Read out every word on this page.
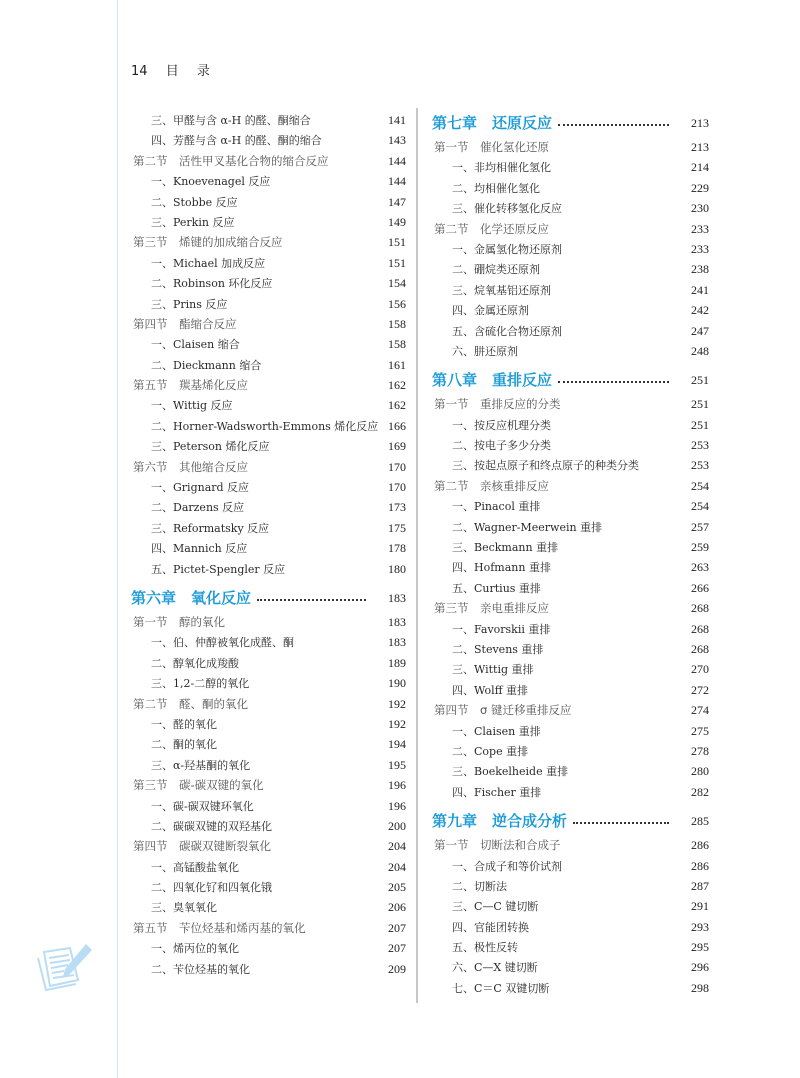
14 目 录
三、甲醛与含 α-H 的醛、酮缩合	141
四、芳醛与含 α-H 的醛、酮的缩合	143
第二节　活性甲叉基化合物的缩合反应	144
一、Knoevenagel 反应	144
二、Stobbe 反应	147
三、Perkin 反应	149
第三节　烯键的加成缩合反应	151
一、Michael 加成反应	151
二、Robinson 环化反应	154
三、Prins 反应	156
第四节　酯缩合反应	158
一、Claisen 缩合	158
二、Dieckmann 缩合	161
第五节　羰基烯化反应	162
一、Wittig 反应	162
二、Horner-Wadsworth-Emmons 烯化反应 166
三、Peterson 烯化反应	169
第六节　其他缩合反应	170
一、Grignard 反应	170
二、Darzens 反应	173
三、Reformatsky 反应	175
四、Mannich 反应	178
五、Pictet-Spengler 反应	180
第六章　氧化反应	183
第一节　醇的氧化	183
一、伯、仲醇被氧化成醛、酮	183
二、醇氧化成羧酸	189
三、1,2-二醇的氧化	190
第二节　醛、酮的氧化	192
一、醛的氧化	192
二、酮的氧化	194
三、α-羟基酮的氧化	195
第三节　碳-碳双键的氧化	196
一、碳-碳双键环氧化	196
二、碳碳双键的双羟基化	200
第四节　碳碳双键断裂氧化	204
一、高锰酸盐氧化	204
二、四氧化钌和四氧化锇	205
三、臭氧氧化	206
第五节　苄位烃基和烯丙基的氧化	207
一、烯丙位的氧化	207
二、苄位烃基的氧化	209
第七章　还原反应	213
第一节　催化氢化还原	213
一、非均相催化氢化	214
二、均相催化氢化	229
三、催化转移氢化反应	230
第二节　化学还原反应	233
一、金属氢化物还原剂	233
二、硼烷类还原剂	238
三、烷氧基铝还原剂	241
四、金属还原剂	242
五、含硫化合物还原剂	247
六、肼还原剂	248
第八章　重排反应	251
第一节　重排反应的分类	251
一、按反应机理分类	251
二、按电子多少分类	253
三、按起点原子和终点原子的种类分类	253
第二节　亲核重排反应	254
一、Pinacol 重排	254
二、Wagner-Meerwein 重排	257
三、Beckmann 重排	259
四、Hofmann 重排	263
五、Curtius 重排	266
第三节　亲电重排反应	268
一、Favorskii 重排	268
二、Stevens 重排	268
三、Wittig 重排	270
四、Wolff 重排	272
第四节　σ 键迁移重排反应	274
一、Claisen 重排	275
二、Cope 重排	278
三、Boekelheide 重排	280
四、Fischer 重排	282
第九章　逆合成分析	285
第一节　切断法和合成子	286
一、合成子和等价试剂	286
二、切断法	287
三、C—C 键切断	291
四、官能团转换	293
五、极性反转	295
六、C—X 键切断	296
七、C＝C 双键切断	298
